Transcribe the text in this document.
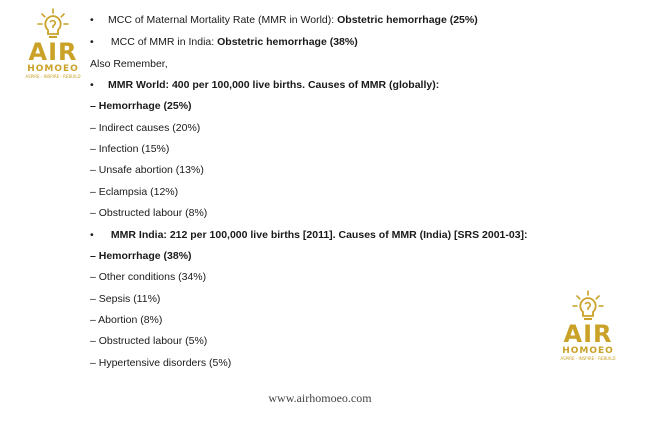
AIR
HOMOEO
ASPIRE - INSPIRE - REBUILD
AIR
HOMOEO
ASPIRE - INSPIRE - REBUILD
• MCC of Maternal Mortality Rate (MMR in World): Obstetric hemorrhage (25%)
• MCC of MMR in India: Obstetric hemorrhage (38%)
Also Remember,
• MMR World: 400 per 100,000 live births. Causes of MMR (globally):
– Hemorrhage (25%)
– Indirect causes (20%)
– Infection (15%)
– Unsafe abortion (13%)
– Eclampsia (12%)
– Obstructed labour (8%)
• MMR India: 212 per 100,000 live births [2011]. Causes of MMR (India) [SRS 2001-03]:
– Hemorrhage (38%)
– Other conditions (34%)
– Sepsis (11%)
– Abortion (8%)
– Obstructed labour (5%)
– Hypertensive disorders (5%)
www.airhomoeo.com
